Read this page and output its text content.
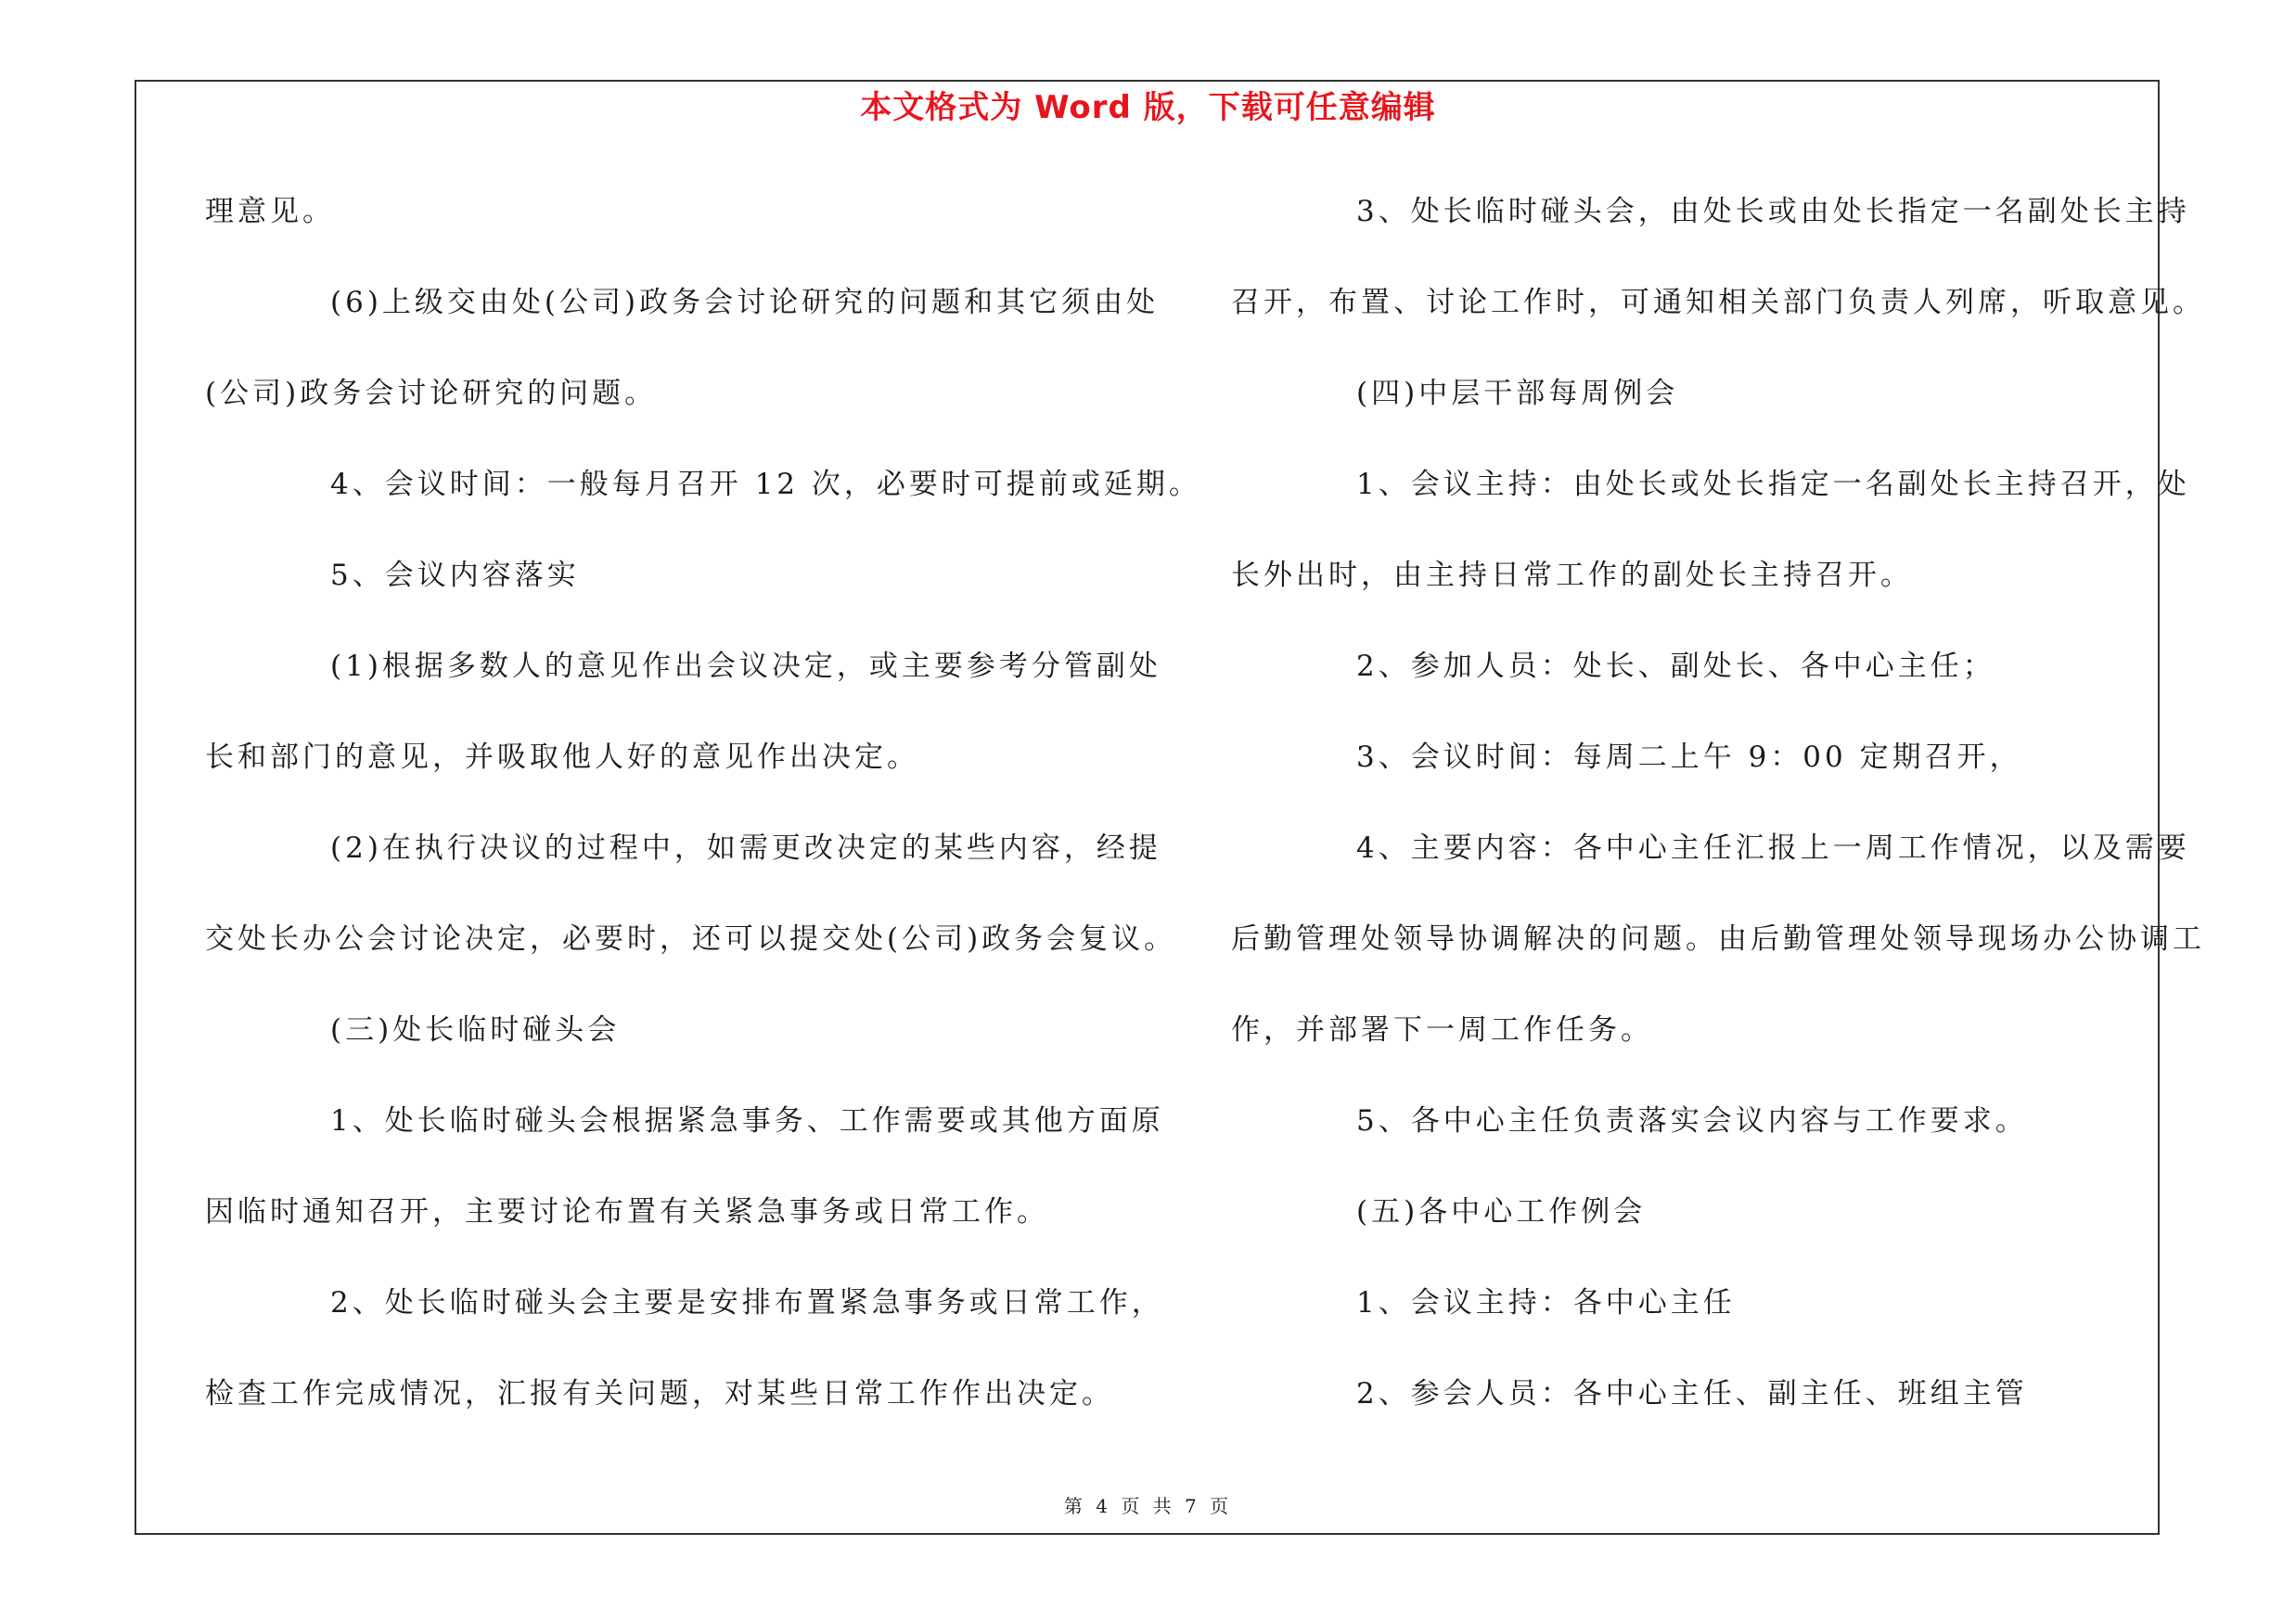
本文格式为 Word 版，下载可任意编辑
理意见。
(6)上级交由处(公司)政务会讨论研究的问题和其它须由处
(公司)政务会讨论研究的问题。
4、会议时间：一般每月召开 12 次，必要时可提前或延期。
5、会议内容落实
(1)根据多数人的意见作出会议决定，或主要参考分管副处
长和部门的意见，并吸取他人好的意见作出决定。
(2)在执行决议的过程中，如需更改决定的某些内容，经提
交处长办公会讨论决定，必要时，还可以提交处(公司)政务会复议。
(三)处长临时碰头会
1、处长临时碰头会根据紧急事务、工作需要或其他方面原
因临时通知召开，主要讨论布置有关紧急事务或日常工作。
2、处长临时碰头会主要是安排布置紧急事务或日常工作，
检查工作完成情况，汇报有关问题，对某些日常工作作出决定。
3、处长临时碰头会，由处长或由处长指定一名副处长主持
召开，布置、讨论工作时，可通知相关部门负责人列席，听取意见。
(四)中层干部每周例会
1、会议主持：由处长或处长指定一名副处长主持召开，处
长外出时，由主持日常工作的副处长主持召开。
2、参加人员：处长、副处长、各中心主任；
3、会议时间：每周二上午 9：00 定期召开，
4、主要内容：各中心主任汇报上一周工作情况，以及需要
后勤管理处领导协调解决的问题。由后勤管理处领导现场办公协调工
作，并部署下一周工作任务。
5、各中心主任负责落实会议内容与工作要求。
(五)各中心工作例会
1、会议主持：各中心主任
2、参会人员：各中心主任、副主任、班组主管
第 4 页 共 7 页
